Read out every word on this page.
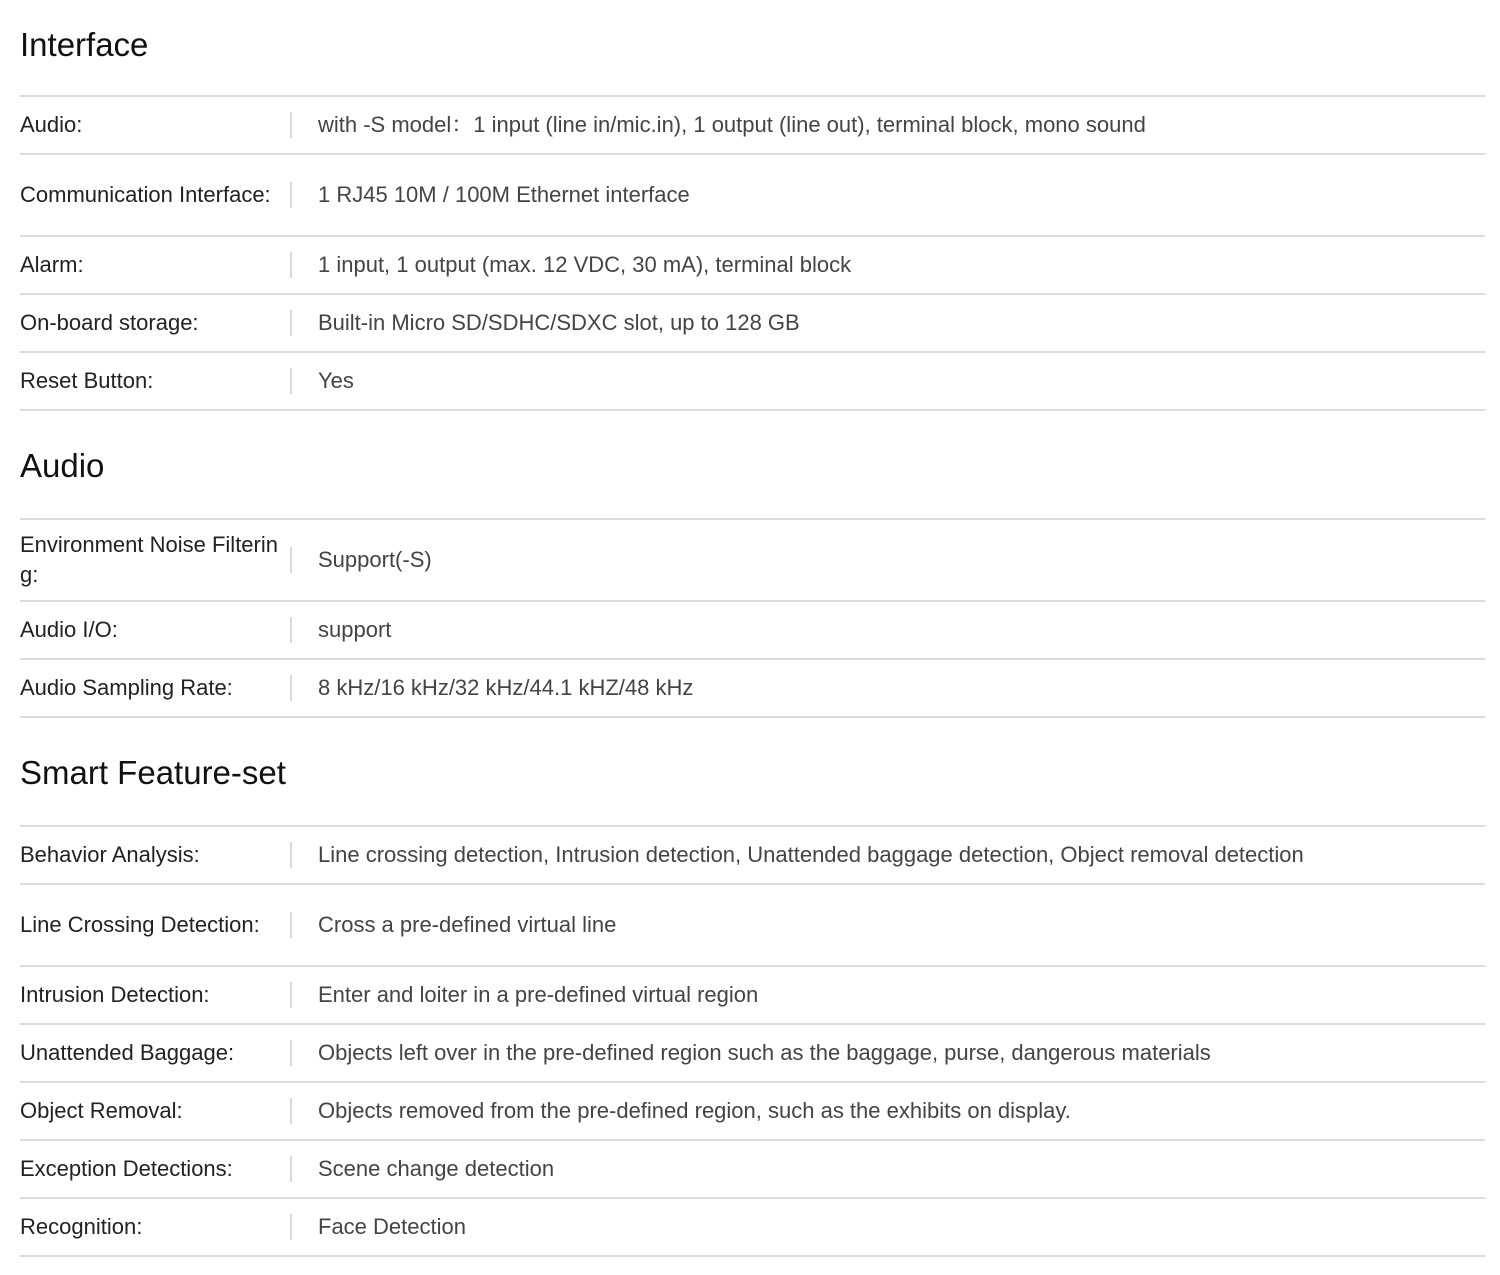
Interface
Audio:	with -S model：1 input (line in/mic.in), 1 output (line out), terminal block, mono sound
Communication Interface:	1 RJ45 10M / 100M Ethernet interface
Alarm:	1 input, 1 output (max. 12 VDC, 30 mA), terminal block
On-board storage:	Built-in Micro SD/SDHC/SDXC slot, up to 128 GB
Reset Button:	Yes
Audio
Environment Noise Filtering:
Support(-S)
Audio I/O:	support
Audio Sampling Rate:	8 kHz/16 kHz/32 kHz/44.1 kHZ/48 kHz
Smart Feature-set
Behavior Analysis:	Line crossing detection, Intrusion detection, Unattended baggage detection, Object removal detection
Line Crossing Detection:	Cross a pre-defined virtual line
Intrusion Detection:	Enter and loiter in a pre-defined virtual region
Unattended Baggage:	Objects left over in the pre-defined region such as the baggage, purse, dangerous materials
Object Removal:	Objects removed from the pre-defined region, such as the exhibits on display.
Exception Detections:	Scene change detection
Recognition:	Face Detection
